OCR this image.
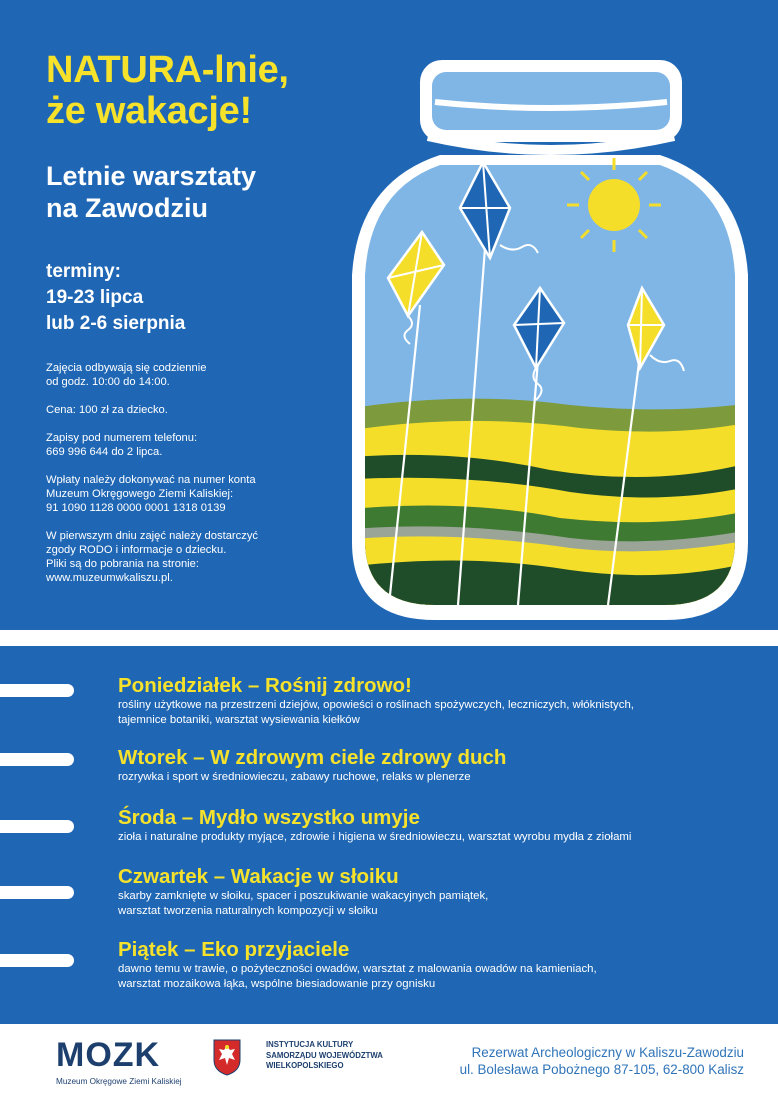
NATURA-lnie,
że wakacje!
Letnie warsztaty
na Zawodziu
terminy:
19-23 lipca
lub 2-6 sierpnia

Zajęcia odbywają się codziennie
od godz. 10:00 do 14:00.

Cena: 100 zł za dziecko.

Zapisy pod numerem telefonu:
669 996 644 do 2 lipca.

Wpłaty należy dokonywać na numer konta
Muzeum Okręgowego Ziemi Kaliskiej:
91 1090 1128 0000 0001 1318 0139

W pierwszym dniu zajęć należy dostarczyć
zgody RODO i informacje o dziecku.
Pliki są do pobrania na stronie:
www.muzeumwkaliszu.pl.

Poniedziałek – Rośnij zdrowo!

rośliny użytkowe na przestrzeni dziejów, opowieści o roślinach spożywczych, leczniczych, włóknistych,

tajemnice botaniki, warsztat wysiewania kiełków

Wtorek – W zdrowym ciele zdrowy duch

rozrywka i sport w średniowieczu, zabawy ruchowe, relaks w plenerze

Środa – Mydło wszystko umyje

zioła i naturalne produkty myjące, zdrowie i higiena w średniowieczu, warsztat wyrobu mydła z ziołami

Czwartek – Wakacje w słoiku

skarby zamknięte w słoiku, spacer i poszukiwanie wakacyjnych pamiątek,

warsztat tworzenia naturalnych kompozycji w słoiku

Piątek – Eko przyjaciele

dawno temu w trawie, o pożyteczności owadów, warsztat z malowania owadów na kamieniach,

warsztat mozaikowa łąka, wspólne biesiadowanie przy ognisku

MOZK
Muzeum Okręgowe Ziemi Kaliskiej
INSTYTUCJA KULTURY
SAMORZĄDU WOJEWÓDZTWA
WIELKOPOLSKIEGO
Rezerwat Archeologiczny w Kaliszu-Zawodziu
ul. Bolesława Pobożnego 87-105, 62-800 Kalisz
